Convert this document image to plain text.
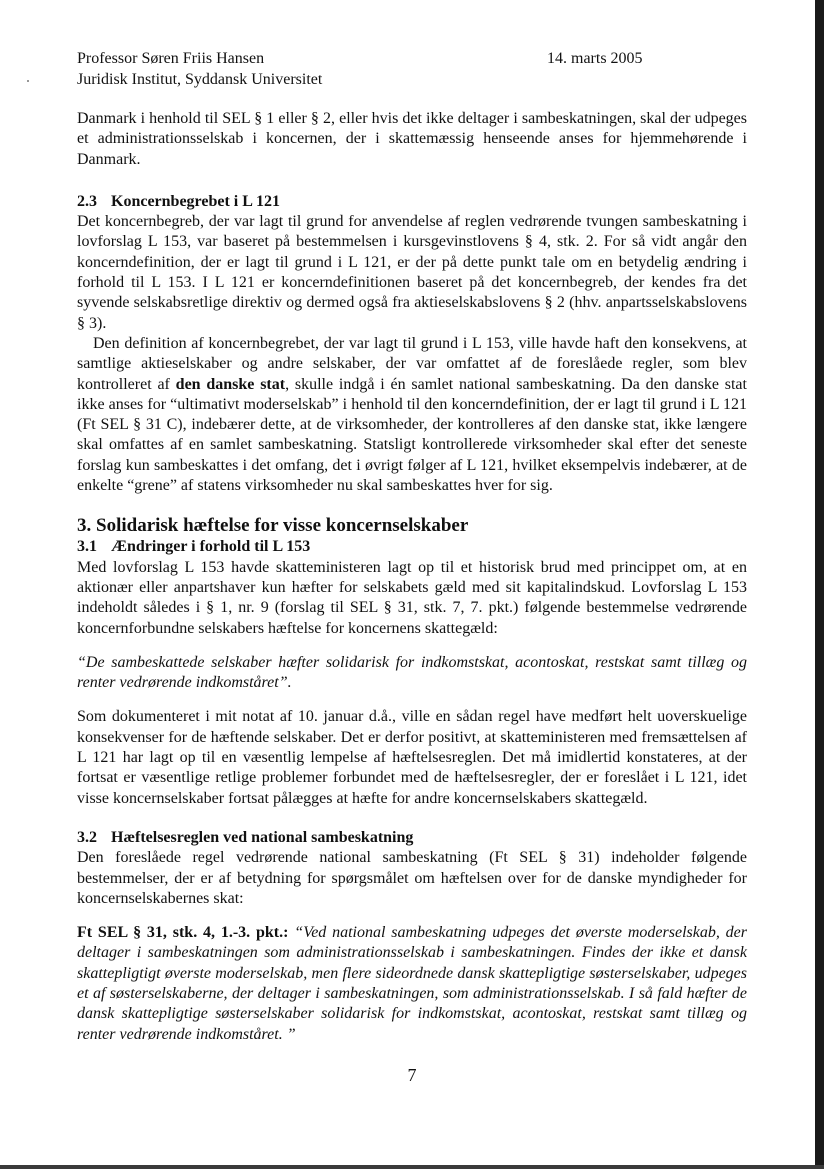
Professor Søren Friis Hansen
Juridisk Institut, Syddansk Universitet
14. marts 2005

Danmark i henhold til SEL § 1 eller § 2, eller hvis det ikke deltager i sambeskatningen, skal der udpeges et administrationsselskab i koncernen, der i skattemæssig henseende anses for hjemmehørende i Danmark.

2.3 Koncernbegrebet i L 121

Det koncernbegreb, der var lagt til grund for anvendelse af reglen vedrørende tvungen sambeskatning i lovforslag L 153, var baseret på bestemmelsen i kursgevinstlovens § 4, stk. 2. For så vidt angår den koncerndefinition, der er lagt til grund i L 121, er der på dette punkt tale om en betydelig ændring i forhold til L 153. I L 121 er koncerndefinitionen baseret på det koncernbegreb, der kendes fra det syvende selskabsretlige direktiv og dermed også fra aktieselskabslovens § 2 (hhv. anpartsselskabslovens § 3).

Den definition af koncernbegrebet, der var lagt til grund i L 153, ville havde haft den konsekvens, at samtlige aktieselskaber og andre selskaber, der var omfattet af de foreslåede regler, som blev kontrolleret af den danske stat, skulle indgå i én samlet national sambeskatning. Da den danske stat ikke anses for “ultimativt moderselskab” i henhold til den koncerndefinition, der er lagt til grund i L 121 (Ft SEL § 31 C), indebærer dette, at de virksomheder, der kontrolleres af den danske stat, ikke længere skal omfattes af en samlet sambeskatning. Statsligt kontrollerede virksomheder skal efter det seneste forslag kun sambeskattes i det omfang, det i øvrigt følger af L 121, hvilket eksempelvis indebærer, at de enkelte “grene” af statens virksomheder nu skal sambeskattes hver for sig.

3. Solidarisk hæftelse for visse koncernselskaber
3.1 Ændringer i forhold til L 153

Med lovforslag L 153 havde skatteministeren lagt op til et historisk brud med princippet om, at en aktionær eller anpartshaver kun hæfter for selskabets gæld med sit kapitalindskud. Lovforslag L 153 indeholdt således i § 1, nr. 9 (forslag til SEL § 31, stk. 7, 7. pkt.) følgende bestemmelse vedrørende koncernforbundne selskabers hæftelse for koncernens skattegæld:

“De sambeskattede selskaber hæfter solidarisk for indkomstskat, acontoskat, restskat samt tillæg og renter vedrørende indkomståret”.

Som dokumenteret i mit notat af 10. januar d.å., ville en sådan regel have medført helt uoverskuelige konsekvenser for de hæftende selskaber. Det er derfor positivt, at skatteministeren med fremsættelsen af L 121 har lagt op til en væsentlig lempelse af hæftelsesreglen. Det må imidlertid konstateres, at der fortsat er væsentlige retlige problemer forbundet med de hæftelsesregler, der er foreslået i L 121, idet visse koncernselskaber fortsat pålægges at hæfte for andre koncernselskabers skattegæld.

3.2 Hæftelsesreglen ved national sambeskatning

Den foreslåede regel vedrørende national sambeskatning (Ft SEL § 31) indeholder følgende bestemmelser, der er af betydning for spørgsmålet om hæftelsen over for de danske myndigheder for koncernselskabernes skat:

Ft SEL § 31, stk. 4, 1.-3. pkt.: “Ved national sambeskatning udpeges det øverste moderselskab, der deltager i sambeskatningen som administrationsselskab i sambeskatningen. Findes der ikke et dansk skattepligtigt øverste moderselskab, men flere sideordnede dansk skattepligtige søsterselskaber, udpeges et af søsterselskaberne, der deltager i sambeskatningen, som administrationsselskab. I så fald hæfter de dansk skattepligtige søsterselskaber solidarisk for indkomstskat, acontoskat, restskat samt tillæg og renter vedrørende indkomståret. ”

7
